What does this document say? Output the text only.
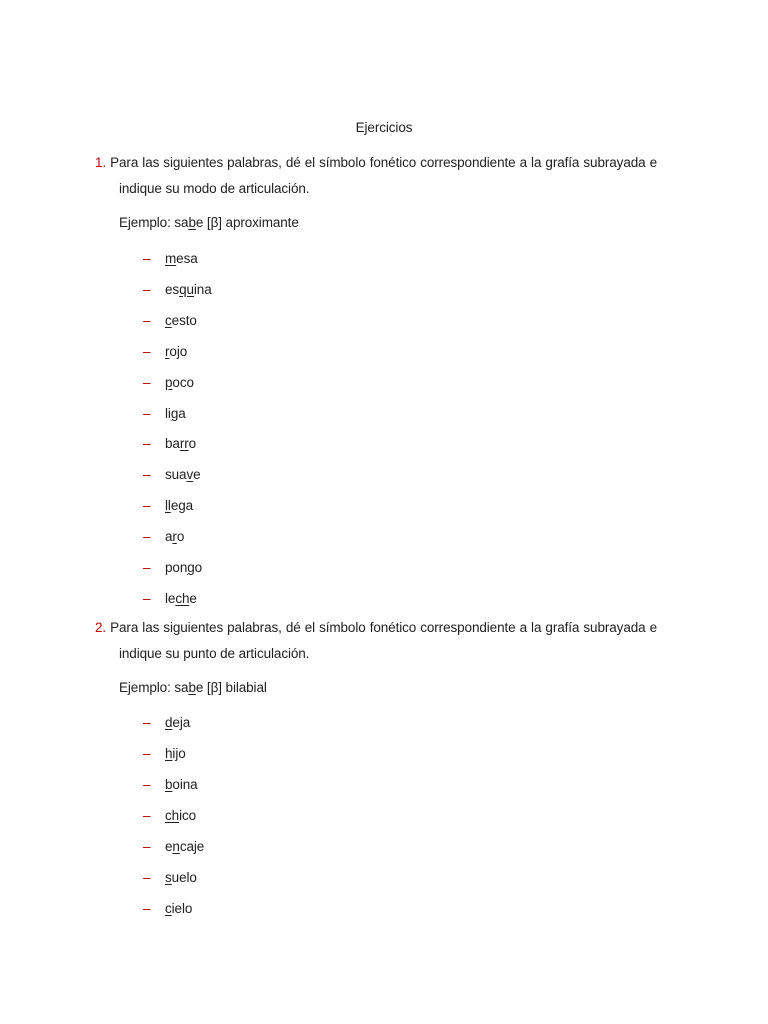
Ejercicios
1. Para las siguientes palabras, dé el símbolo fonético correspondiente a la grafía subrayada e
indique su modo de articulación.
Ejemplo: sabe [β] aproximante
– mesa
– esquina
– cesto
– rojo
– poco
– liga
– barro
– suave
– llega
– aro
– pongo
– leche
2. Para las siguientes palabras, dé el símbolo fonético correspondiente a la grafía subrayada e
indique su punto de articulación.
Ejemplo: sabe [β] bilabial
– deja
– hijo
– boina
– chico
– encaje
– suelo
– cielo
